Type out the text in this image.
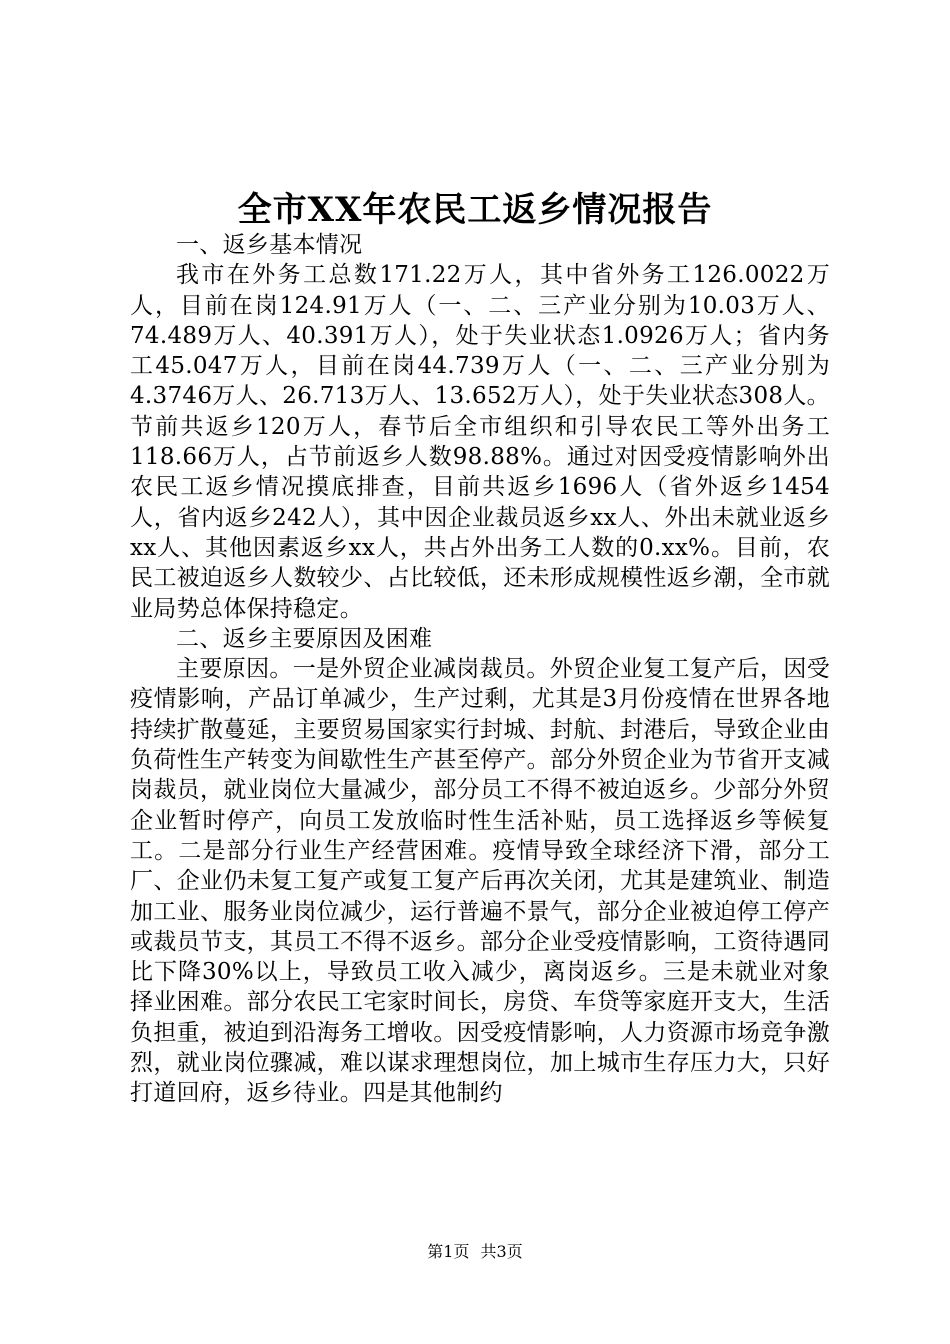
全市XX年农民工返乡情况报告

一、返乡基本情况

我市在外务工总数171.22万人，其中省外务工126.0022万人，目前在岗124.91万人（一、二、三产业分别为10.03万人、74.489万人、40.391万人），处于失业状态1.0926万人；省内务工45.047万人，目前在岗44.739万人（一、二、三产业分别为4.3746万人、26.713万人、13.652万人），处于失业状态308人。节前共返乡120万人，春节后全市组织和引导农民工等外出务工118.66万人，占节前返乡人数98.88%。通过对因受疫情影响外出农民工返乡情况摸底排查，目前共返乡1696人（省外返乡1454人，省内返乡242人），其中因企业裁员返乡xx人、外出未就业返乡xx人、其他因素返乡xx人，共占外出务工人数的0.xx%。目前，农民工被迫返乡人数较少、占比较低，还未形成规模性返乡潮，全市就业局势总体保持稳定。

二、返乡主要原因及困难

主要原因。一是外贸企业减岗裁员。外贸企业复工复产后，因受疫情影响，产品订单减少，生产过剩，尤其是3月份疫情在世界各地持续扩散蔓延，主要贸易国家实行封城、封航、封港后，导致企业由负荷性生产转变为间歇性生产甚至停产。部分外贸企业为节省开支减岗裁员，就业岗位大量减少，部分员工不得不被迫返乡。少部分外贸企业暂时停产，向员工发放临时性生活补贴，员工选择返乡等候复工。二是部分行业生产经营困难。疫情导致全球经济下滑，部分工厂、企业仍未复工复产或复工复产后再次关闭，尤其是建筑业、制造加工业、服务业岗位减少，运行普遍不景气，部分企业被迫停工停产或裁员节支，其员工不得不返乡。部分企业受疫情影响，工资待遇同比下降30%以上，导致员工收入减少，离岗返乡。三是未就业对象择业困难。部分农民工宅家时间长，房贷、车贷等家庭开支大，生活负担重，被迫到沿海务工增收。因受疫情影响，人力资源市场竞争激烈，就业岗位骤减，难以谋求理想岗位，加上城市生存压力大，只好打道回府，返乡待业。四是其他制约

第1页 共3页
